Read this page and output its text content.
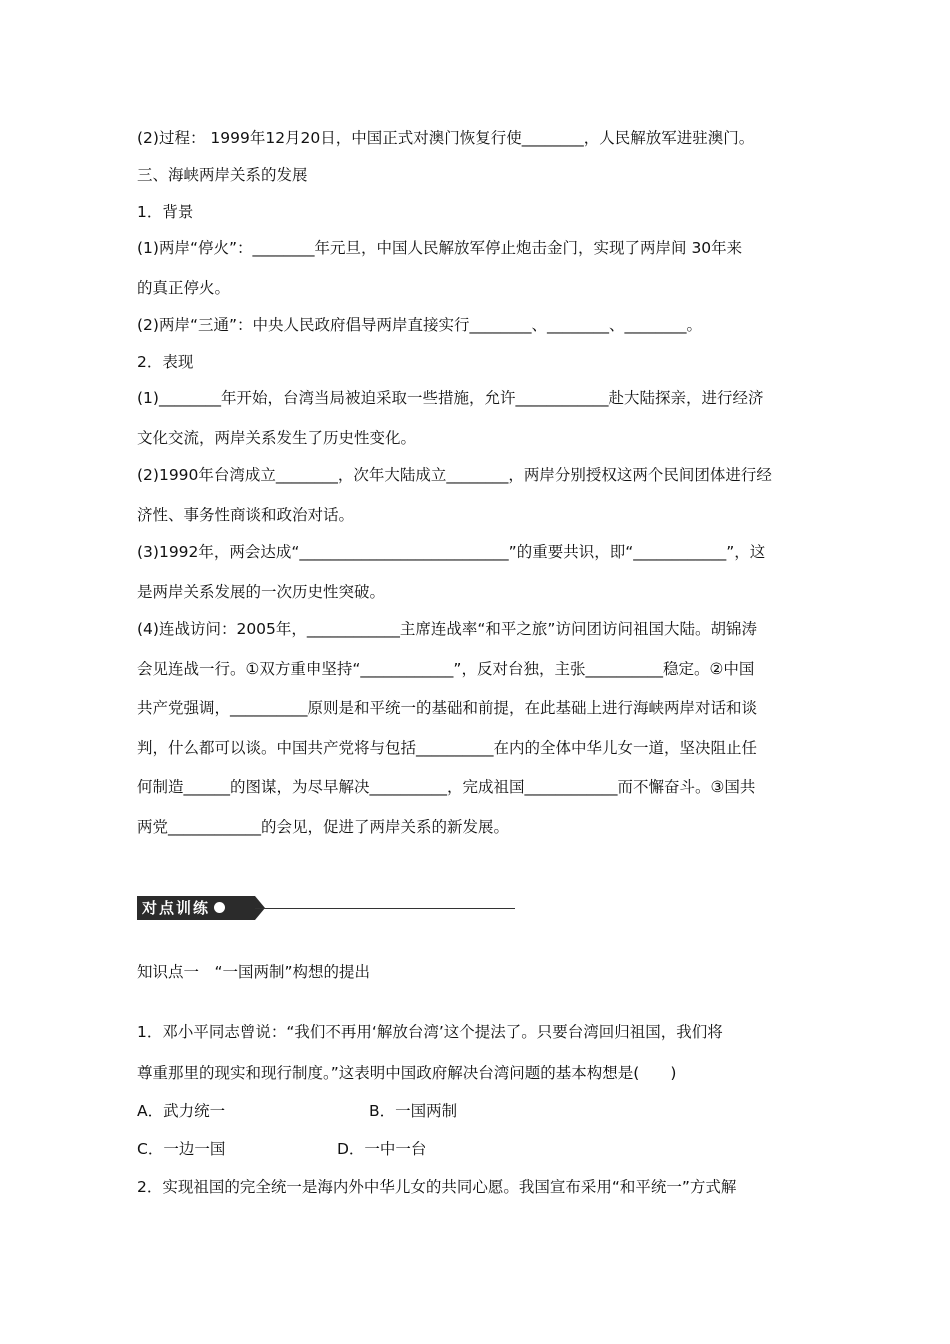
(2)过程： 1999年12月20日，中国正式对澳门恢复行使________，人民解放军进驻澳门。
三、海峡两岸关系的发展
1．背景
(1)两岸“停火”：________年元旦，中国人民解放军停止炮击金门，实现了两岸间 30年来
的真正停火。
(2)两岸“三通”：中央人民政府倡导两岸直接实行________、________、________。
2．表现
(1)________年开始，台湾当局被迫采取一些措施，允许____________赴大陆探亲，进行经济
文化交流，两岸关系发生了历史性变化。
(2)1990年台湾成立________，次年大陆成立________，两岸分别授权这两个民间团体进行经
济性、事务性商谈和政治对话。
(3)1992年，两会达成“___________________________”的重要共识，即“____________”，这
是两岸关系发展的一次历史性突破。
(4)连战访问：2005年，____________主席连战率“和平之旅”访问团访问祖国大陆。胡锦涛
会见连战一行。①双方重申坚持“____________”，反对台独，主张__________稳定。②中国
共产党强调，__________原则是和平统一的基础和前提，在此基础上进行海峡两岸对话和谈
判，什么都可以谈。中国共产党将与包括__________在内的全体中华儿女一道，坚决阻止任
何制造______的图谋，为尽早解决__________，完成祖国____________而不懈奋斗。③国共
两党____________的会见，促进了两岸关系的新发展。
对点训练
知识点一　“一国两制”构想的提出
1．邓小平同志曾说：“我们不再用‘解放台湾’这个提法了。只要台湾回归祖国，我们将
尊重那里的现实和现行制度。”这表明中国政府解决台湾问题的基本构想是(　　)
A．武力统一	B．一国两制
C．一边一国	D．一中一台
2．实现祖国的完全统一是海内外中华儿女的共同心愿。我国宣布采用“和平统一”方式解
